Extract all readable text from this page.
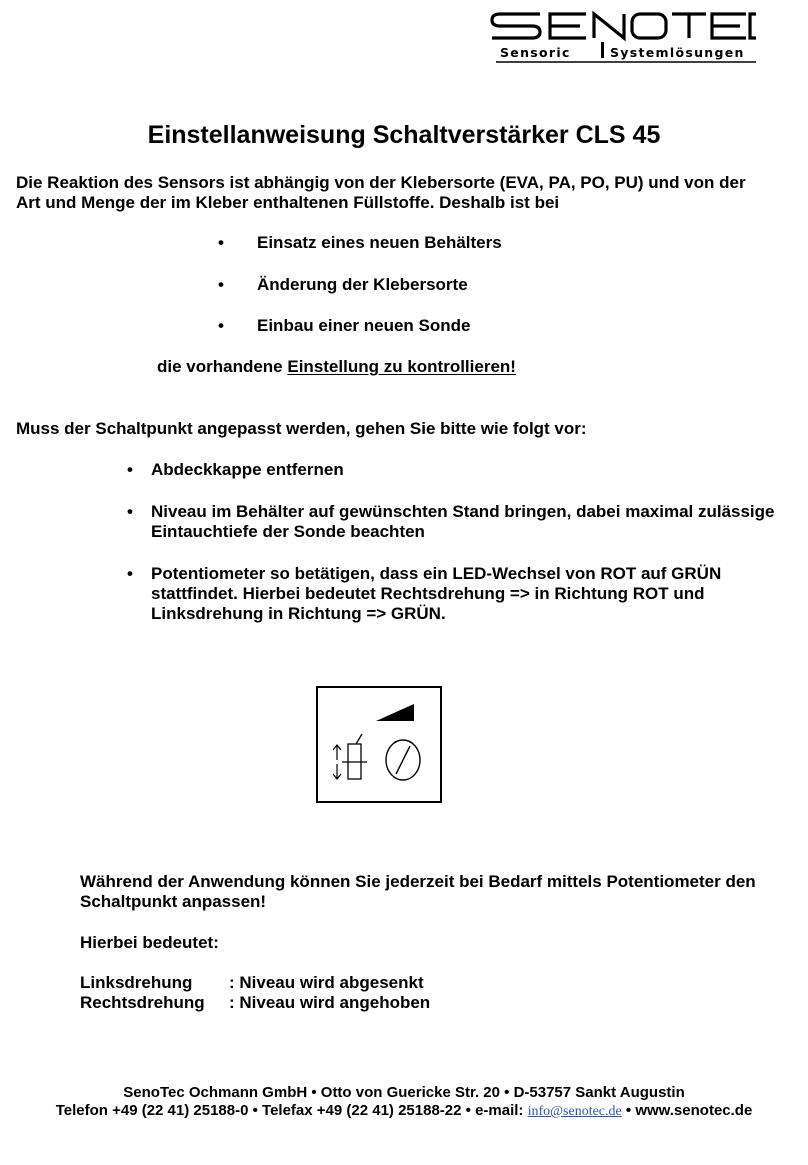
Sensoric	Systemlösungen
Einstellanweisung Schaltverstärker CLS 45
Die Reaktion des Sensors ist abhängig von der Klebersorte (EVA, PA, PO, PU) und von der
Art und Menge der im Kleber enthaltenen Füllstoffe. Deshalb ist bei
• Einsatz eines neuen Behälters
• Änderung der Klebersorte
• Einbau einer neuen Sonde
die vorhandene Einstellung zu kontrollieren!
Muss der Schaltpunkt angepasst werden, gehen Sie bitte wie folgt vor:
• Abdeckkappe entfernen
• Niveau im Behälter auf gewünschten Stand bringen, dabei maximal zulässige
Eintauchtiefe der Sonde beachten
• Potentiometer so betätigen, dass ein LED-Wechsel von ROT auf GRÜN
stattfindet. Hierbei bedeutet Rechtsdrehung => in Richtung ROT und
Linksdrehung in Richtung => GRÜN.
Während der Anwendung können Sie jederzeit bei Bedarf mittels Potentiometer den
Schaltpunkt anpassen!
Hierbei bedeutet:
Linksdrehung : Niveau wird abgesenkt
Rechtsdrehung : Niveau wird angehoben
SenoTec Ochmann GmbH • Otto von Guericke Str. 20 • D-53757 Sankt Augustin
Telefon +49 (22 41) 25188-0 • Telefax +49 (22 41) 25188-22 • e-mail: info@senotec.de • www.senotec.de
